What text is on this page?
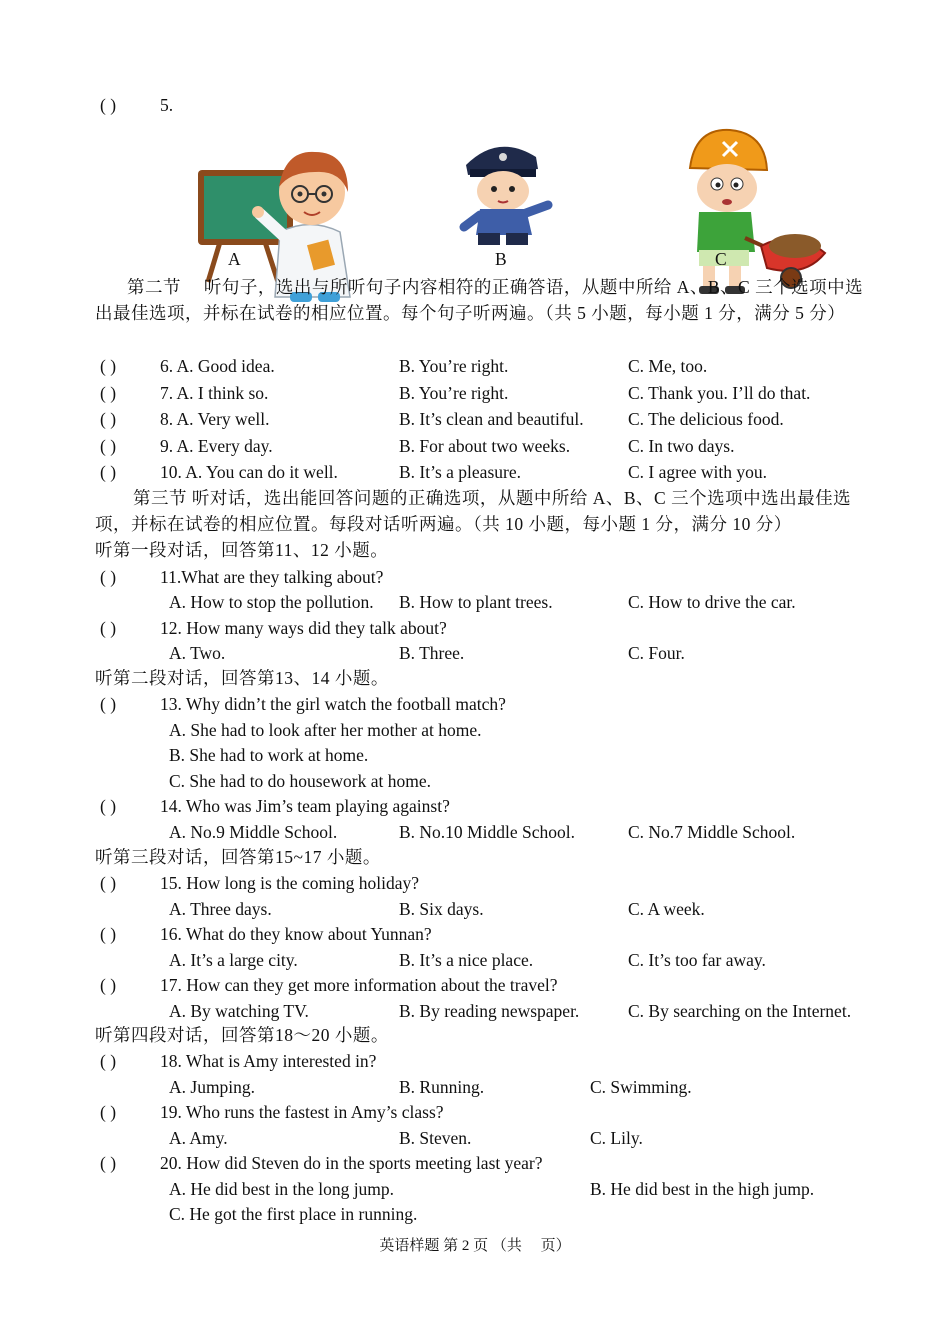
( )	5.
A	B	C
第二节　 听句子，选出与所听句子内容相符的正确答语，从题中所给 A、B、C 三个选项中选出最佳选项，并标在试卷的相应位置。每个句子听两遍。（共 5 小题，每小题 1 分，满分 5 分）
( )	6. A. Good idea.	B. You’re right.	C. Me, too.
( )	7. A. I think so.	B. You’re right.	C. Thank you. I’ll do that.
( )	8. A. Very well.	B. It’s clean and beautiful.	C. The delicious food.
( )	9. A. Every day.	B. For about two weeks.	C. In two days.
( )	10. A. You can do it well.	B. It’s a pleasure.	C. I agree with you.
第三节 听对话，选出能回答问题的正确选项，从题中所给 A、B、C 三个选项中选出最佳选项，并标在试卷的相应位置。每段对话听两遍。（共 10 小题，每小题 1 分，满分 10 分）
听第一段对话，回答第11、12 小题。
( )	11.What are they talking about?
A. How to stop the pollution. B. How to plant trees.	C. How to drive the car.
( )	12. How many ways did they talk about?
A. Two.	B. Three.	C. Four.
听第二段对话，回答第13、14 小题。
( )	13. Why didn’t the girl watch the football match?
A. She had to look after her mother at home.
B. She had to work at home.
C. She had to do housework at home.
( )	14. Who was Jim’s team playing against?
A. No.9 Middle School.	B. No.10 Middle School.	C. No.7 Middle School.
听第三段对话，回答第15~17 小题。
( )	15. How long is the coming holiday?
A. Three days.	B. Six days.	C. A week.
( )	16. What do they know about Yunnan?
A. It’s a large city.	B. It’s a nice place.	C. It’s too far away.
( )	17. How can they get more information about the travel?
A. By watching TV.	B. By reading newspaper.	C. By searching on the Internet.
听第四段对话，回答第18～20 小题。
( )	18. What is Amy interested in?
A. Jumping.	B. Running.	C. Swimming.
( )	19. Who runs the fastest in Amy’s class?
A. Amy.	B. Steven.	C. Lily.
( )	20. How did Steven do in the sports meeting last year?
A. He did best in the long jump.	B. He did best in the high jump.
C. He got the first place in running.
英语样题 第 2 页 （共　 页）
